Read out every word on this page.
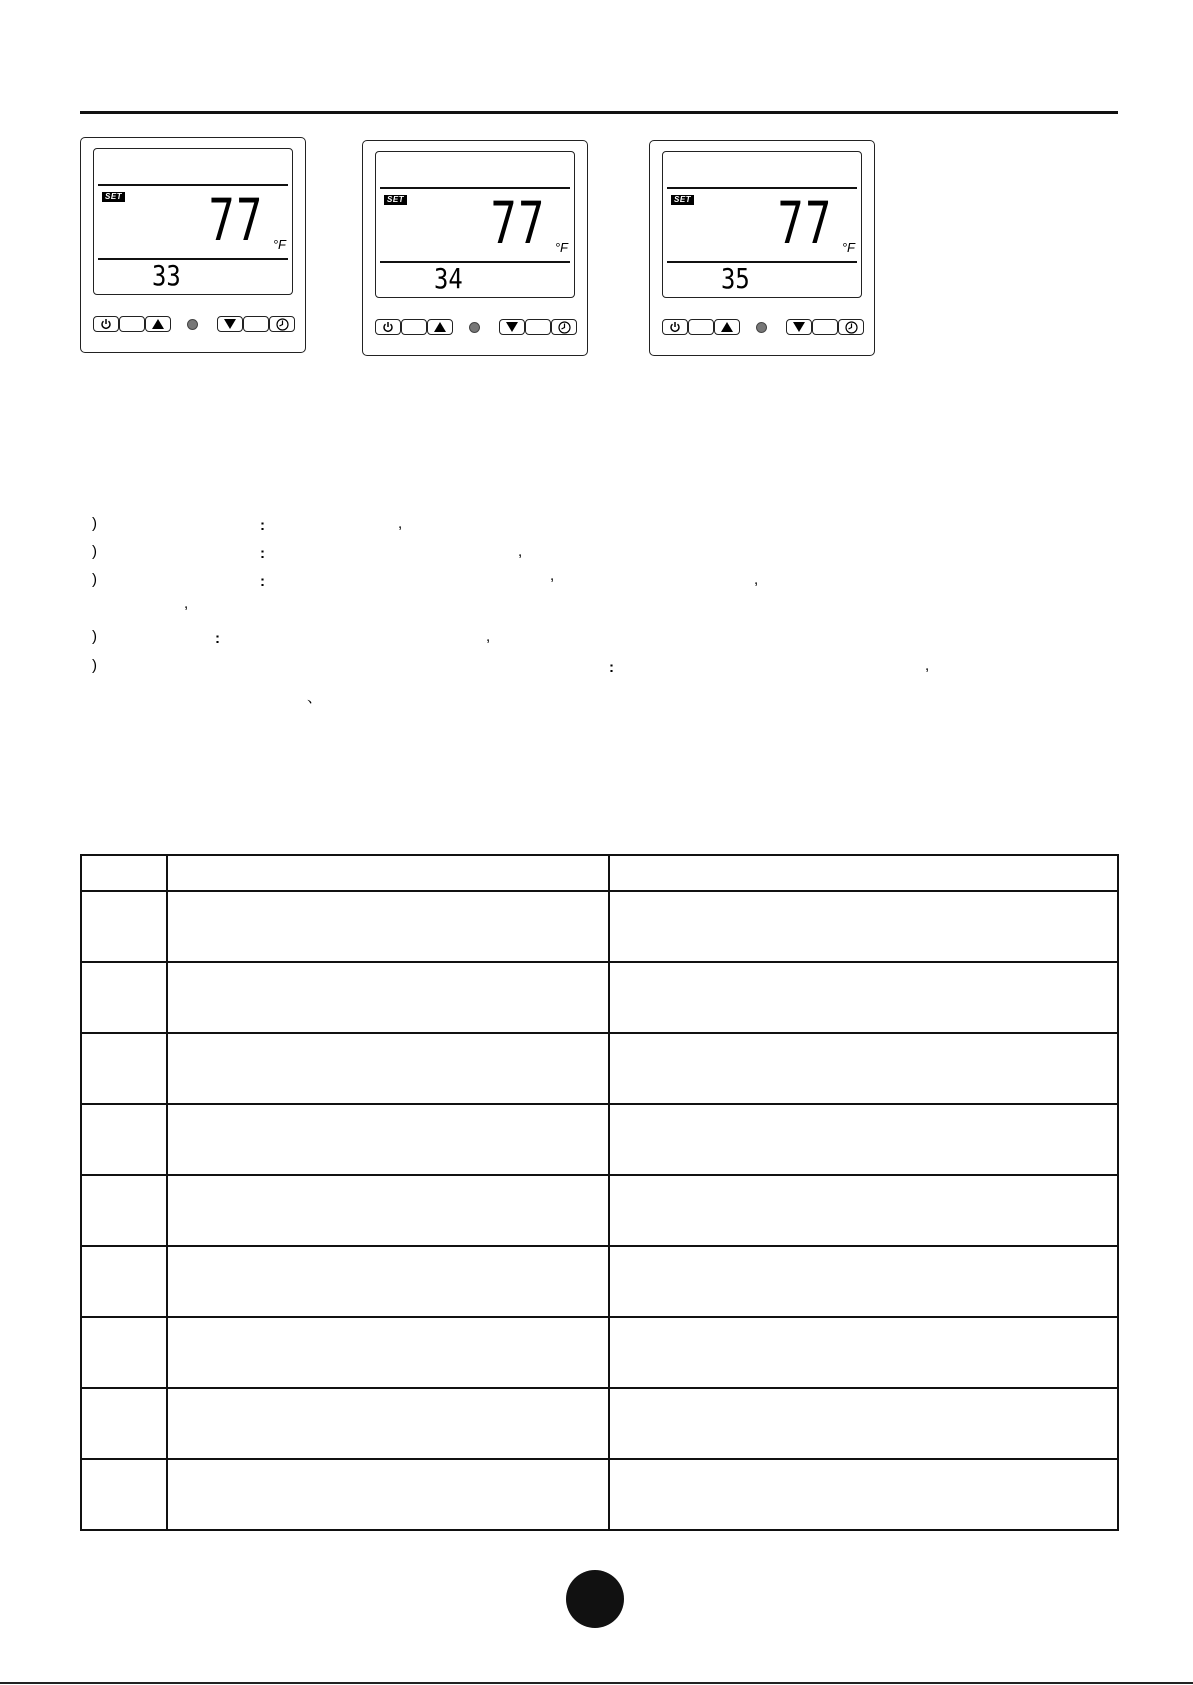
SET 77 °F
33
SET 77 °F
34
SET 77 °F
35
)	:	,
)	:	,
)	:	,	,
,
)	:	,
)	:	,
、
